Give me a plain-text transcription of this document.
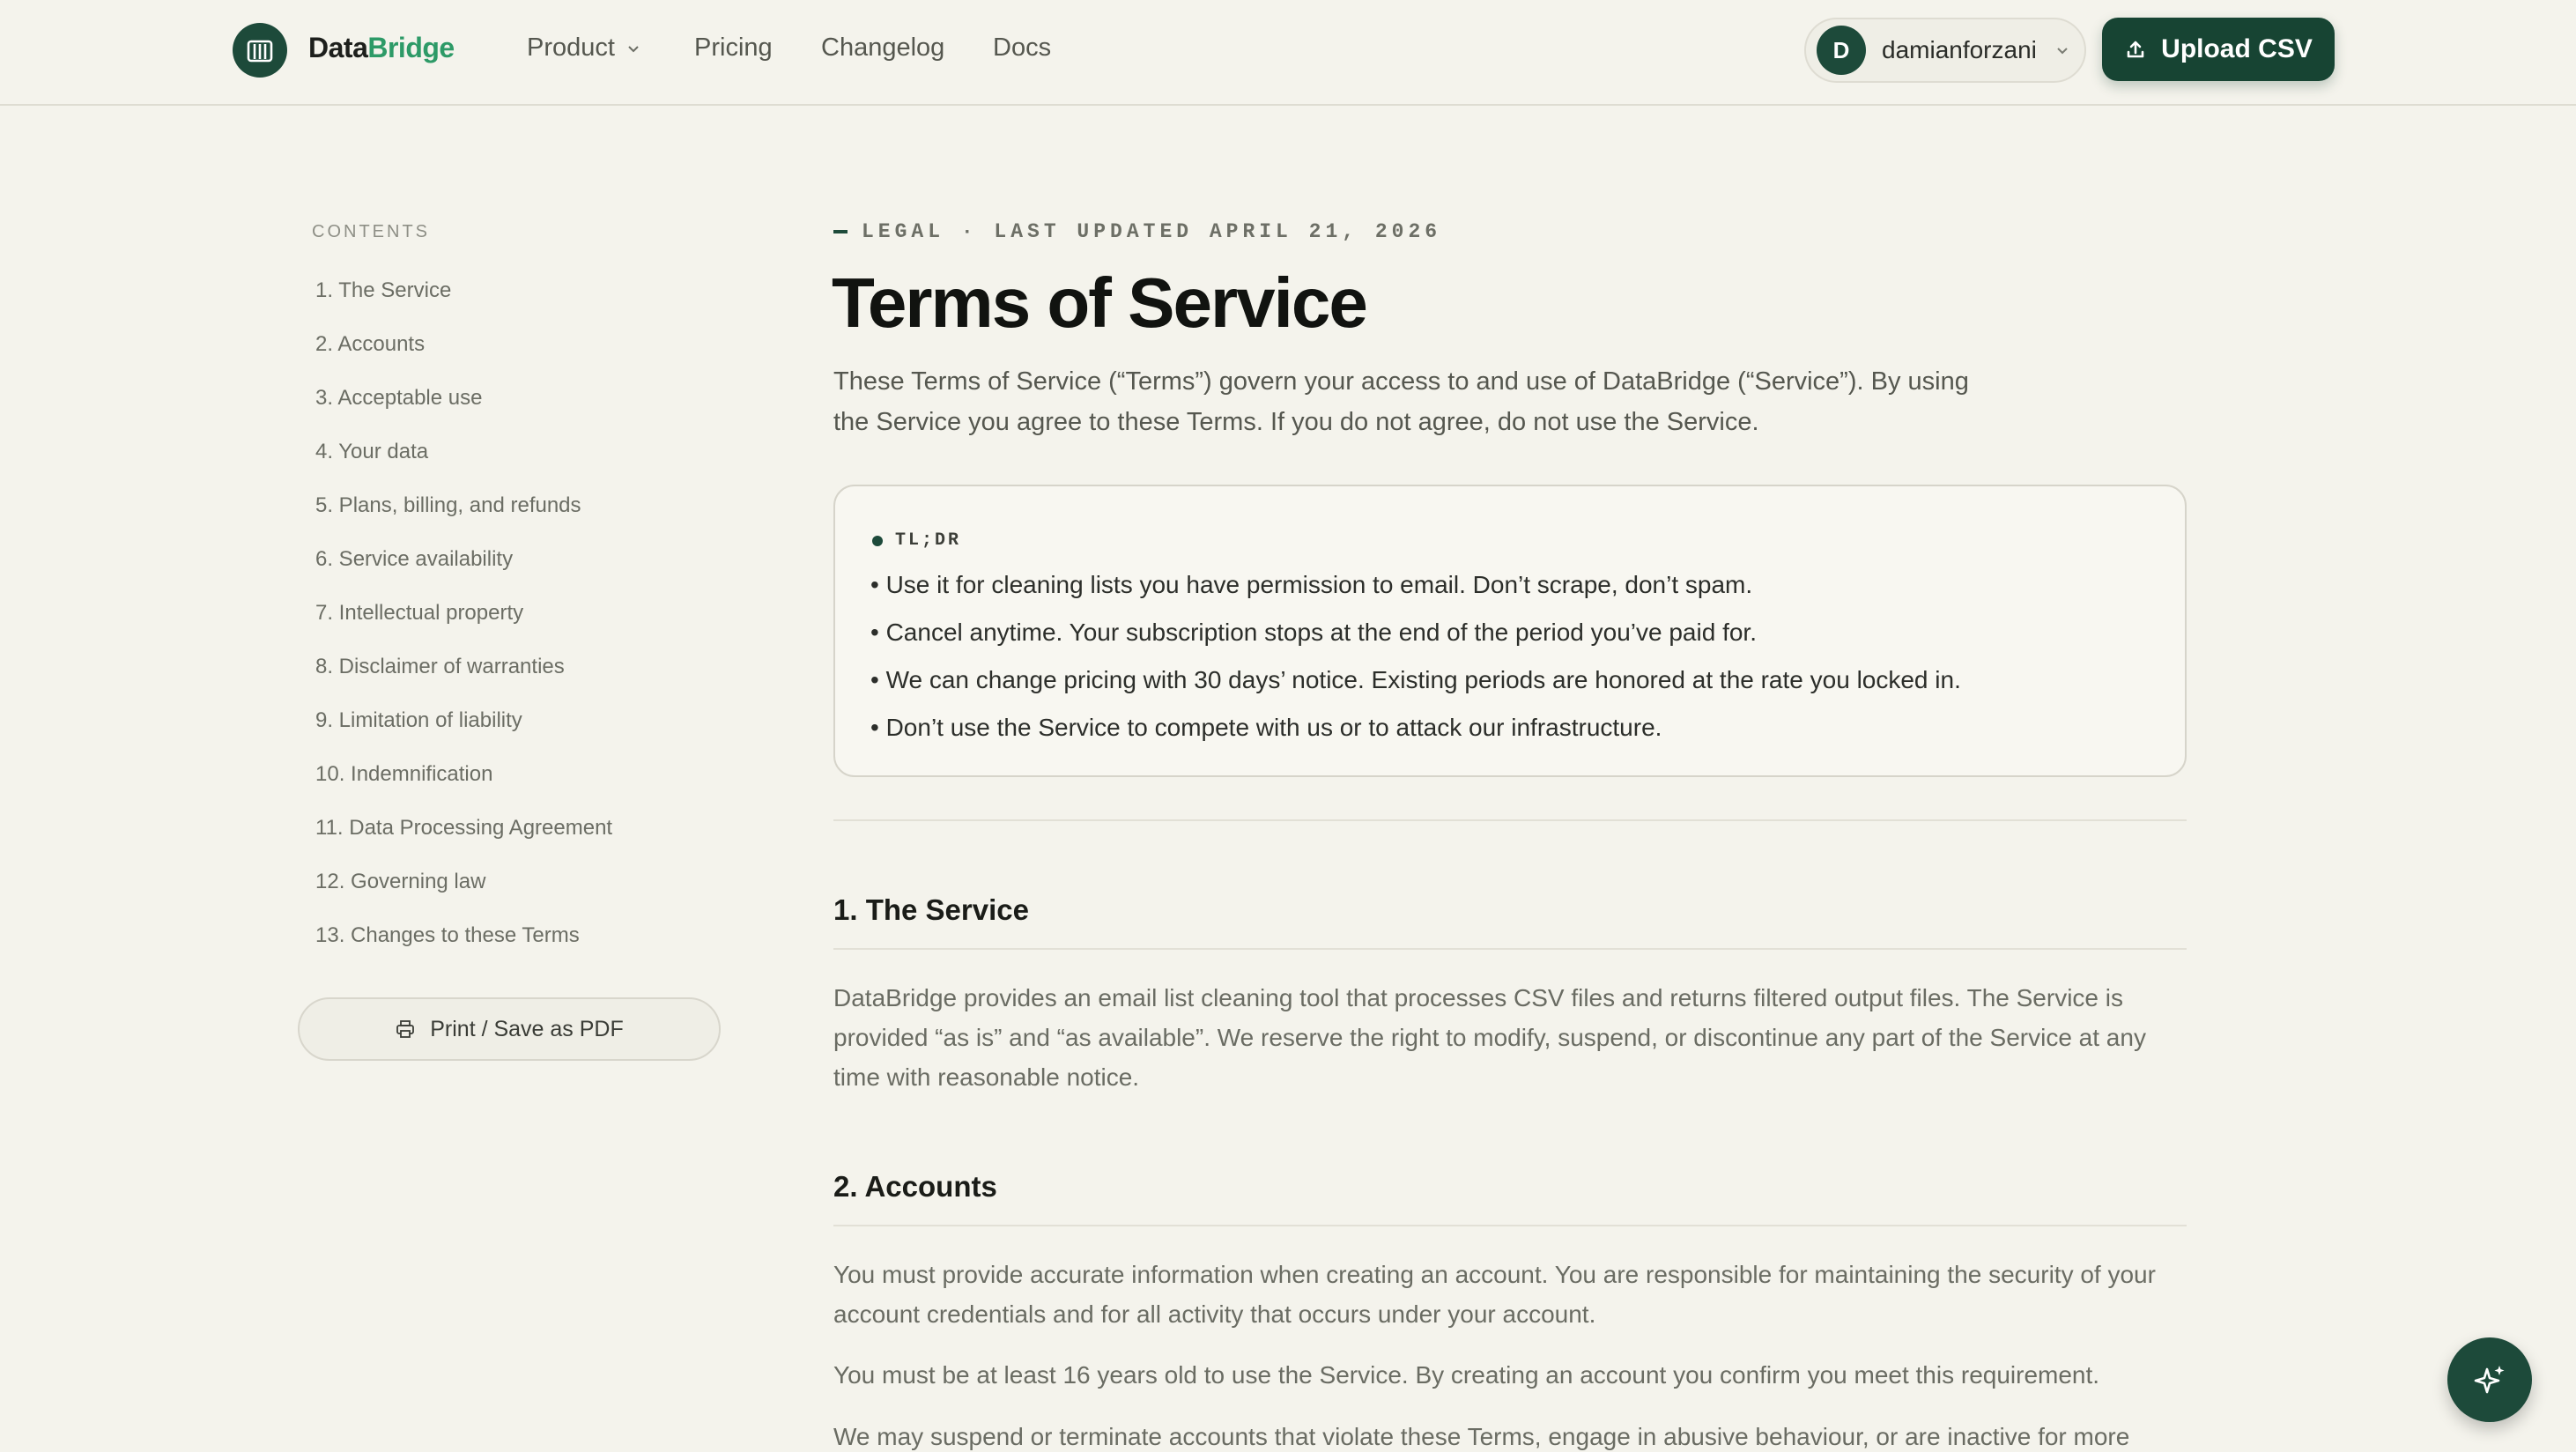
DataBridge	Product	Pricing Changelog Docs	D	damianforzani	Upload CSV
CONTENTS
1. The Service
2. Accounts
3. Acceptable use
4. Your data
5. Plans, billing, and refunds
6. Service availability
7. Intellectual property
8. Disclaimer of warranties
9. Limitation of liability
10. Indemnification
11. Data Processing Agreement
12. Governing law
13. Changes to these Terms
Print / Save as PDF
LEGAL · LAST UPDATED APRIL 21, 2026
Terms of Service

These Terms of Service (“Terms”) govern your access to and use of DataBridge (“Service”). By using the Service you agree to these Terms. If you do not agree, do not use the Service.

TL;DR
• Use it for cleaning lists you have permission to email. Don’t scrape, don’t spam.
• Cancel anytime. Your subscription stops at the end of the period you’ve paid for.
• We can change pricing with 30 days’ notice. Existing periods are honored at the rate you locked in.
• Don’t use the Service to compete with us or to attack our infrastructure.
1. The Service

DataBridge provides an email list cleaning tool that processes CSV files and returns filtered output files. The Service is provided “as is” and “as available”. We reserve the right to modify, suspend, or discontinue any part of the Service at any time with reasonable notice.

2. Accounts

You must provide accurate information when creating an account. You are responsible for maintaining the security of your account credentials and for all activity that occurs under your account.

You must be at least 16 years old to use the Service. By creating an account you confirm you meet this requirement.

We may suspend or terminate accounts that violate these Terms, engage in abusive behaviour, or are inactive for more
